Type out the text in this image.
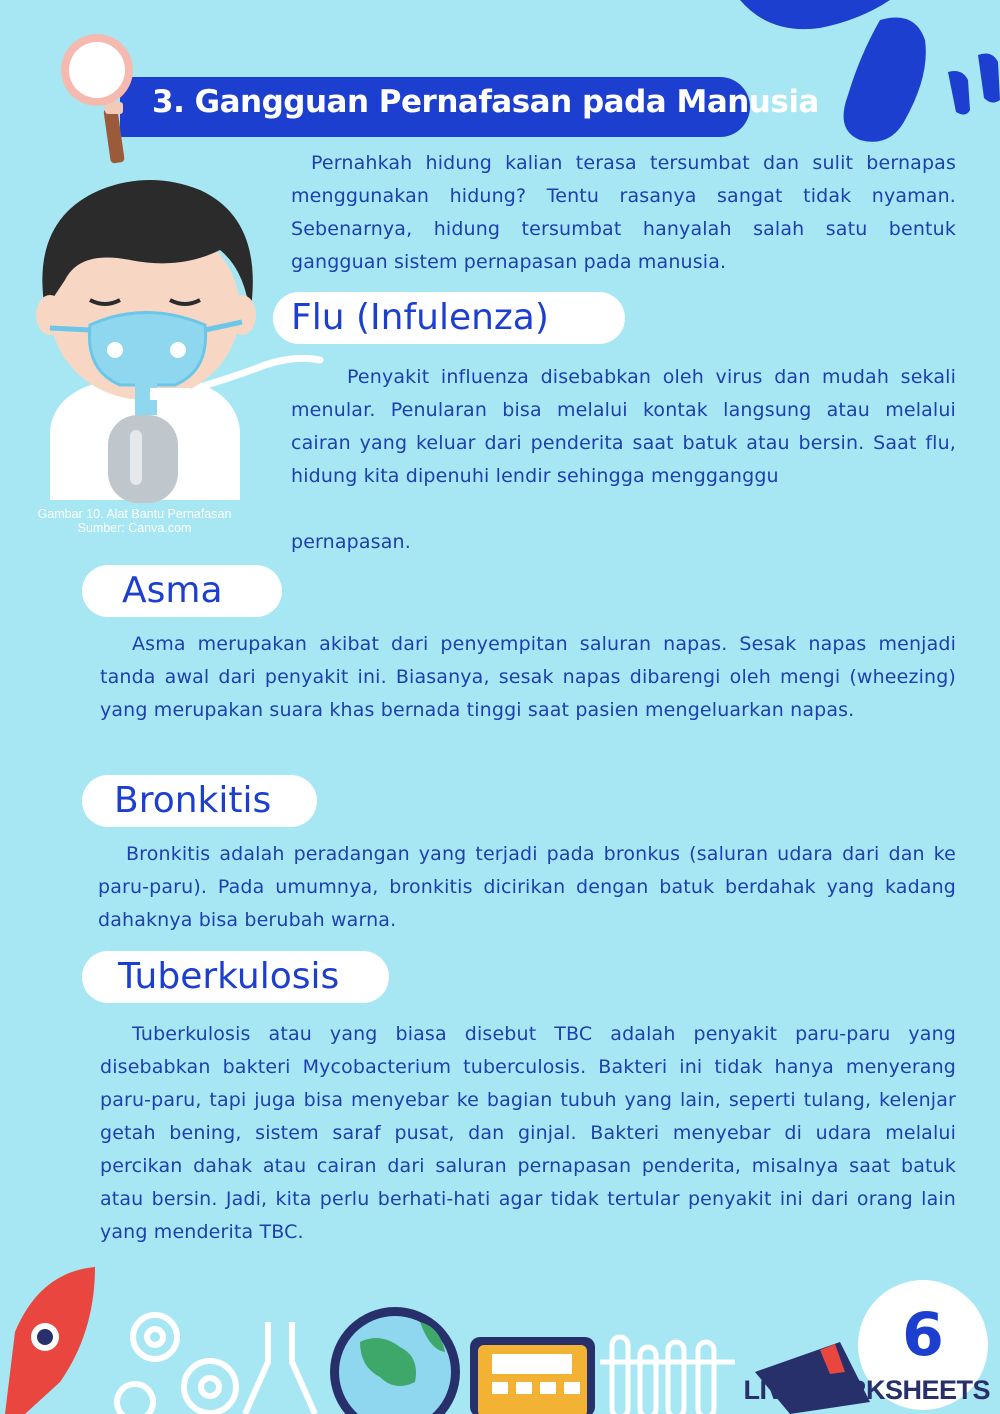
3. Gangguan Pernafasan pada Manusia
Gambar 10. Alat Bantu Pernafasan
Sumber: Canva.com

Pernahkah hidung kalian terasa tersumbat dan sulit bernapas menggunakan hidung? Tentu rasanya sangat tidak nyaman. Sebenarnya, hidung tersumbat hanyalah salah satu bentuk gangguan sistem pernapasan pada manusia.

Flu (Infulenza)

Penyakit influenza disebabkan oleh virus dan mudah sekali menular. Penularan bisa melalui kontak langsung atau melalui cairan yang keluar dari penderita saat batuk atau bersin. Saat flu, hidung kita dipenuhi lendir sehingga mengganggu

pernapasan.

Asma

Asma merupakan akibat dari penyempitan saluran napas. Sesak napas menjadi tanda awal dari penyakit ini. Biasanya, sesak napas dibarengi oleh mengi (wheezing) yang merupakan suara khas bernada tinggi saat pasien mengeluarkan napas.

Bronkitis

Bronkitis adalah peradangan yang terjadi pada bronkus (saluran udara dari dan ke paru-paru). Pada umumnya, bronkitis dicirikan dengan batuk berdahak yang kadang dahaknya bisa berubah warna.

Tuberkulosis

Tuberkulosis atau yang biasa disebut TBC adalah penyakit paru-paru yang disebabkan bakteri Mycobacterium tuberculosis. Bakteri ini tidak hanya menyerang paru-paru, tapi juga bisa menyebar ke bagian tubuh yang lain, seperti tulang, kelenjar getah bening, sistem saraf pusat, dan ginjal. Bakteri menyebar di udara melalui percikan dahak atau cairan dari saluran pernapasan penderita, misalnya saat batuk atau bersin. Jadi, kita perlu berhati-hati agar tidak tertular penyakit ini dari orang lain yang menderita TBC.

6
LIVEWORKSHEETS
